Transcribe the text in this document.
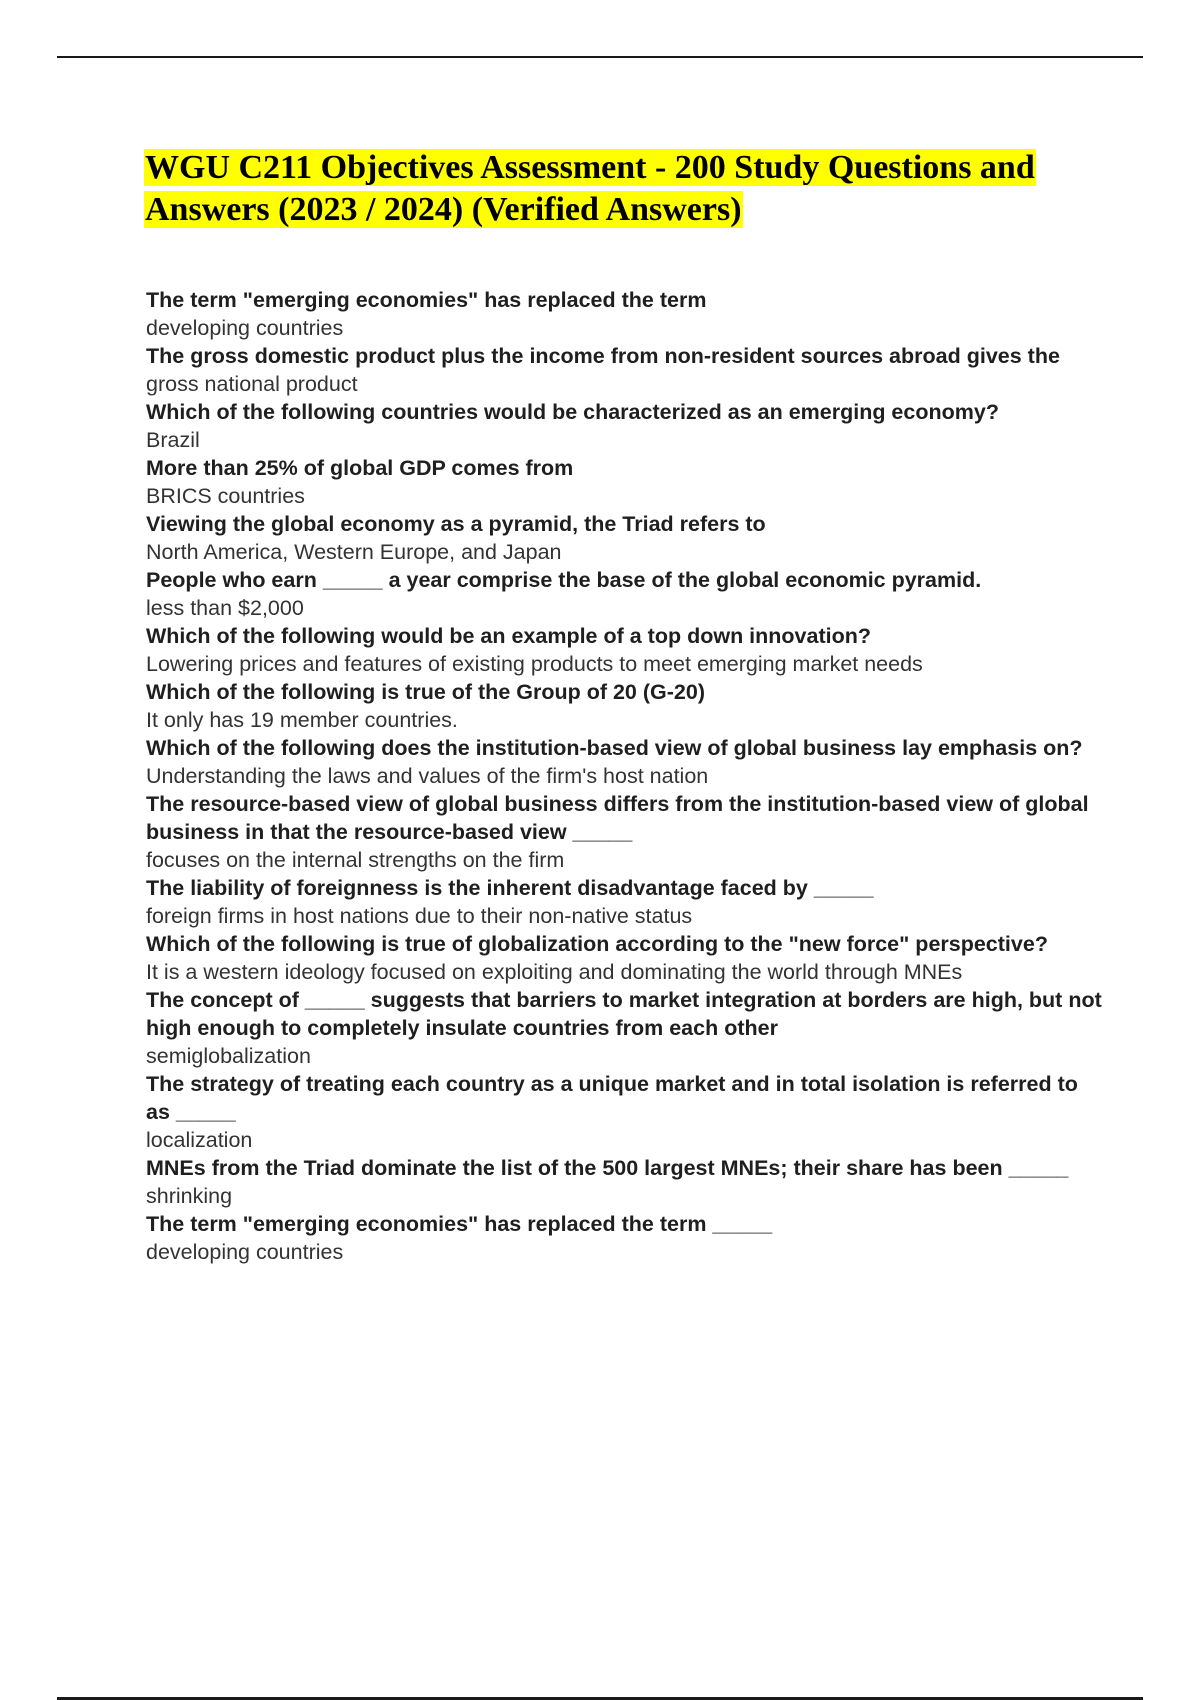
WGU C211 Objectives Assessment - 200 Study Questions and Answers (2023 / 2024) (Verified Answers)
The term "emerging economies" has replaced the term
developing countries
The gross domestic product plus the income from non-resident sources abroad gives the
gross national product
Which of the following countries would be characterized as an emerging economy?
Brazil
More than 25% of global GDP comes from
BRICS countries
Viewing the global economy as a pyramid, the Triad refers to
North America, Western Europe, and Japan
People who earn _____ a year comprise the base of the global economic pyramid.
less than $2,000
Which of the following would be an example of a top down innovation?
Lowering prices and features of existing products to meet emerging market needs
Which of the following is true of the Group of 20 (G-20)
It only has 19 member countries.
Which of the following does the institution-based view of global business lay emphasis on?
Understanding the laws and values of the firm's host nation
The resource-based view of global business differs from the institution-based view of global business in that the resource-based view _____
focuses on the internal strengths on the firm
The liability of foreignness is the inherent disadvantage faced by _____
foreign firms in host nations due to their non-native status
Which of the following is true of globalization according to the "new force" perspective?
It is a western ideology focused on exploiting and dominating the world through MNEs
The concept of _____ suggests that barriers to market integration at borders are high, but not high enough to completely insulate countries from each other
semiglobalization
The strategy of treating each country as a unique market and in total isolation is referred to as _____
localization
MNEs from the Triad dominate the list of the 500 largest MNEs; their share has been _____
shrinking
The term "emerging economies" has replaced the term _____
developing countries
